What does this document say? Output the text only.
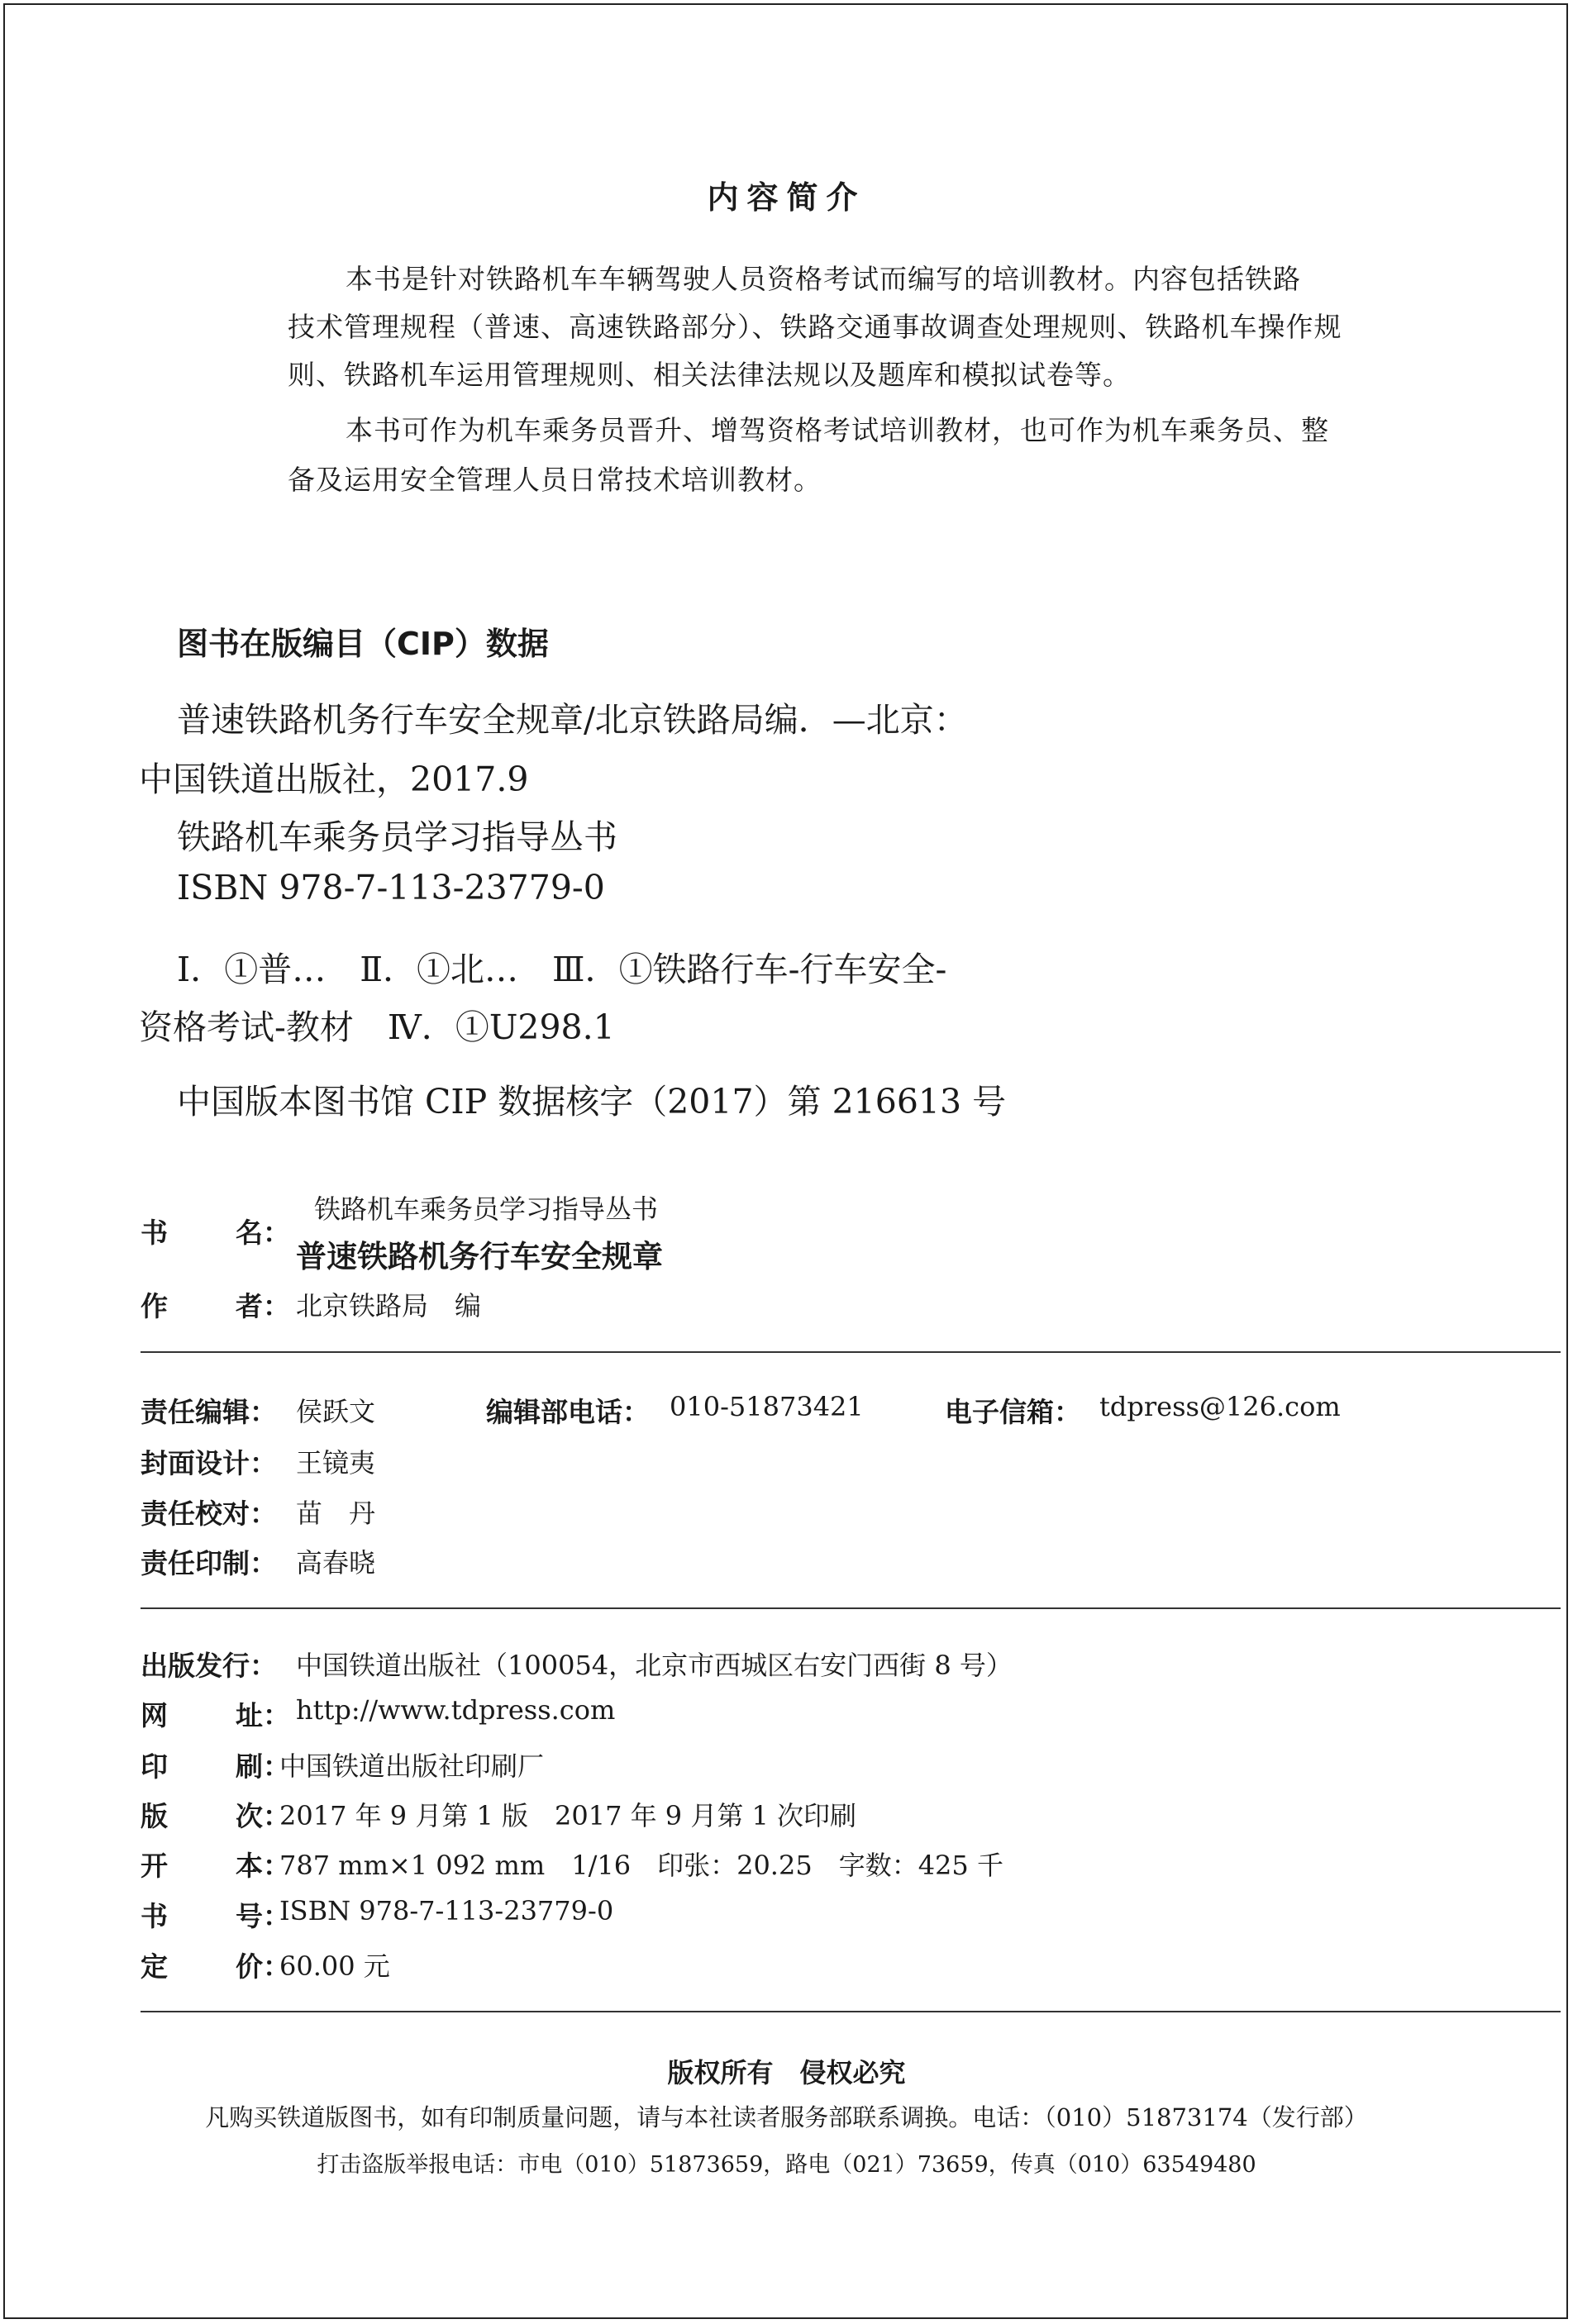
内容简介
本书是针对铁路机车车辆驾驶人员资格考试而编写的培训教材。内容包括铁路
技术管理规程（普速、高速铁路部分）、铁路交通事故调查处理规则、铁路机车操作规
则、铁路机车运用管理规则、相关法律法规以及题库和模拟试卷等。
本书可作为机车乘务员晋升、增驾资格考试培训教材，也可作为机车乘务员、整
备及运用安全管理人员日常技术培训教材。
图书在版编目（CIP）数据
普速铁路机务行车安全规章/北京铁路局编．—北京：
中国铁道出版社，2017.9
铁路机车乘务员学习指导丛书
ISBN 978-7-113-23779-0
Ⅰ．①普…　Ⅱ．①北…　Ⅲ．①铁路行车-行车安全-
资格考试-教材　Ⅳ．①U298.1
中国版本图书馆 CIP 数据核字（2017）第 216613 号
书 名：
铁路机车乘务员学习指导丛书
普速铁路机务行车安全规章
作 者： 北京铁路局　编
责任编辑： 侯跃文	编辑部电话： 010-51873421	电子信箱： tdpress@126.com
封面设计： 王镜夷
责任校对： 苗　丹
责任印制： 高春晓
出版发行： 中国铁道出版社（100054，北京市西城区右安门西街 8 号）
网 址： http://www.tdpress.com
印 刷：
中国铁道出版社印刷厂
版 次：
2017 年 9 月第 1 版　2017 年 9 月第 1 次印刷
开 本：
787 mm×1 092 mm　1/16　印张：20.25　字数：425 千
书 号：
ISBN 978-7-113-23779-0
定 价：
60.00 元
版权所有　侵权必究
凡购买铁道版图书，如有印制质量问题，请与本社读者服务部联系调换。电话：（010）51873174（发行部）
打击盗版举报电话：市电（010）51873659，路电（021）73659，传真（010）63549480
